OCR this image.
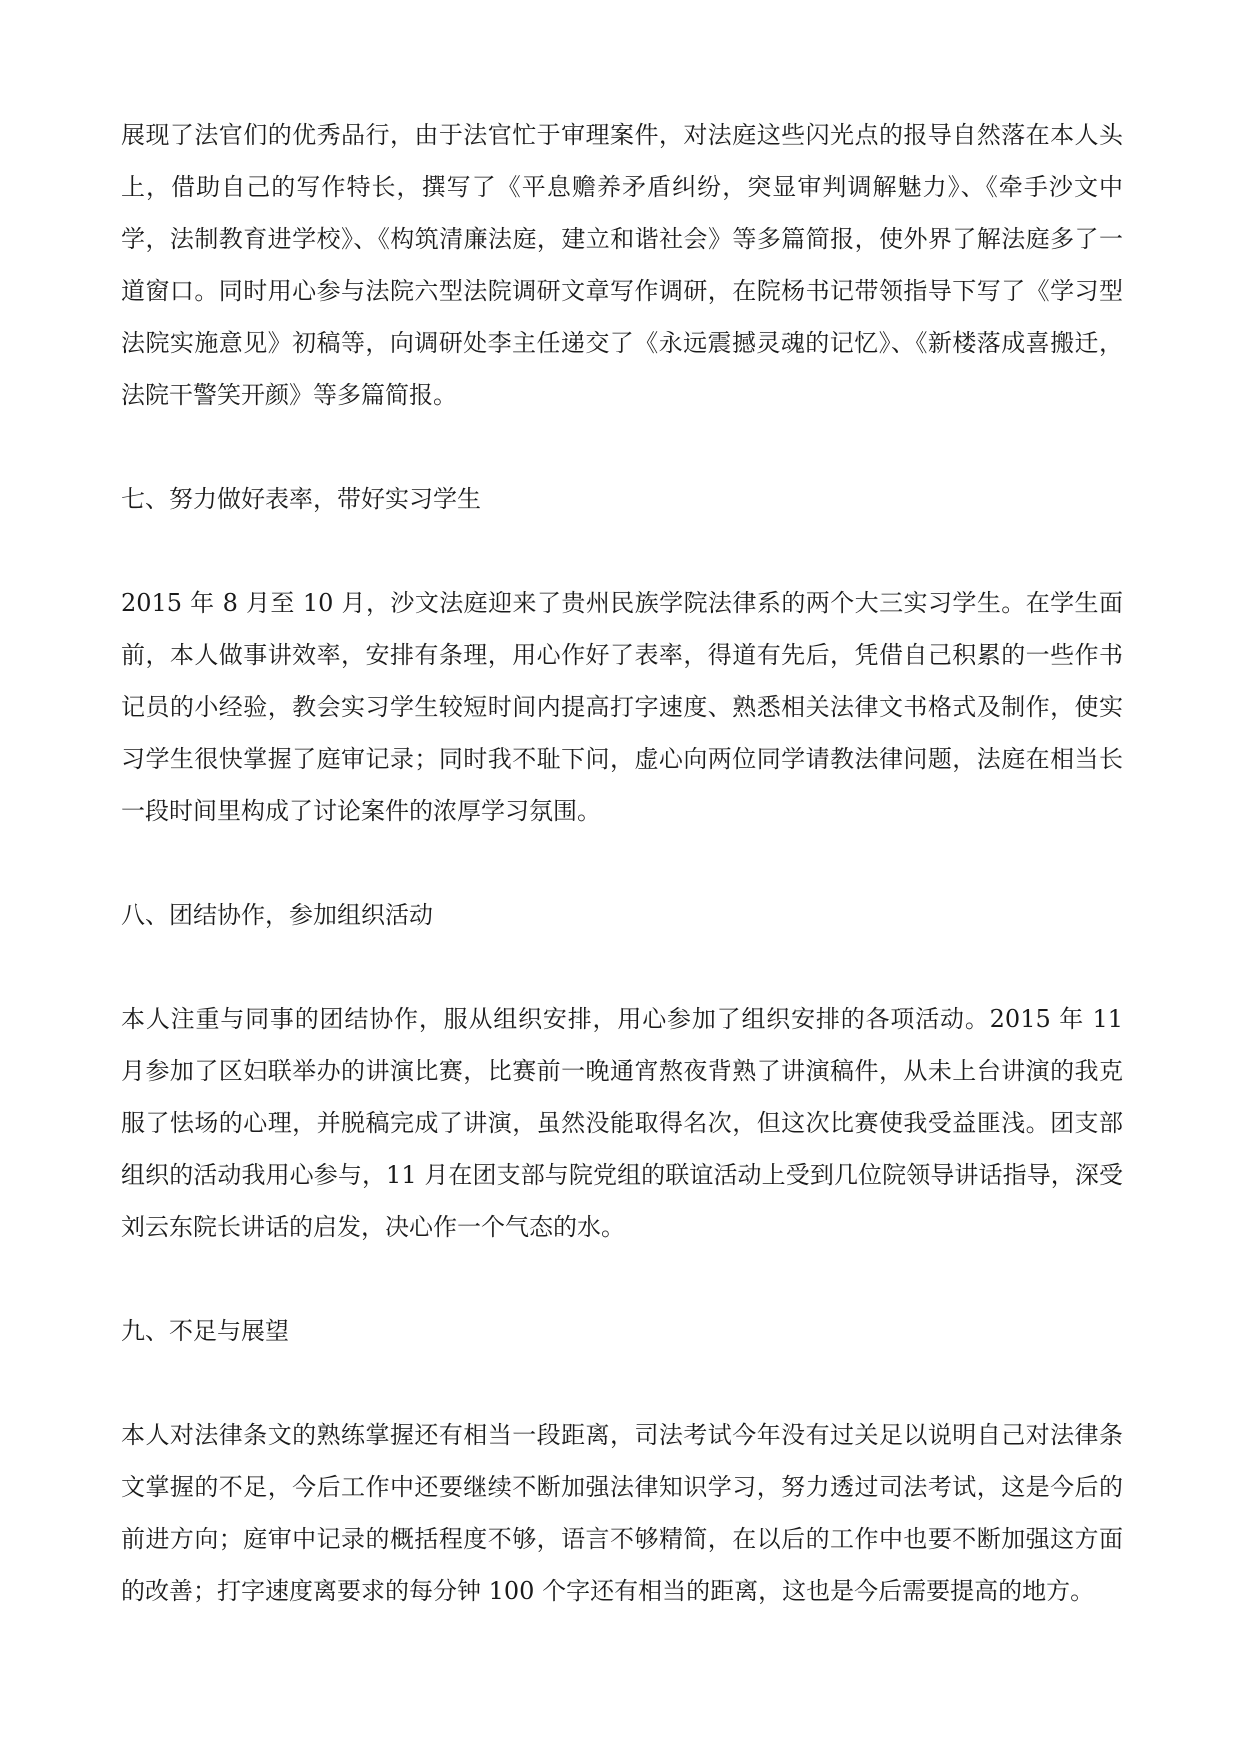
展现了法官们的优秀品行，由于法官忙于审理案件，对法庭这些闪光点的报导自然落在本人头上，借助自己的写作特长，撰写了《平息赡养矛盾纠纷，突显审判调解魅力》、《牵手沙文中学，法制教育进学校》、《构筑清廉法庭，建立和谐社会》等多篇简报，使外界了解法庭多了一道窗口。同时用心参与法院六型法院调研文章写作调研，在院杨书记带领指导下写了《学习型法院实施意见》初稿等，向调研处李主任递交了《永远震撼灵魂的记忆》、《新楼落成喜搬迁，法院干警笑开颜》等多篇简报。

七、努力做好表率，带好实习学生

2015 年 8 月至 10 月，沙文法庭迎来了贵州民族学院法律系的两个大三实习学生。在学生面前，本人做事讲效率，安排有条理，用心作好了表率，得道有先后，凭借自己积累的一些作书记员的小经验，教会实习学生较短时间内提高打字速度、熟悉相关法律文书格式及制作，使实习学生很快掌握了庭审记录；同时我不耻下问，虚心向两位同学请教法律问题，法庭在相当长一段时间里构成了讨论案件的浓厚学习氛围。

八、团结协作，参加组织活动

本人注重与同事的团结协作，服从组织安排，用心参加了组织安排的各项活动。2015 年 11 月参加了区妇联举办的讲演比赛，比赛前一晚通宵熬夜背熟了讲演稿件，从未上台讲演的我克服了怯场的心理，并脱稿完成了讲演，虽然没能取得名次，但这次比赛使我受益匪浅。团支部组织的活动我用心参与，11 月在团支部与院党组的联谊活动上受到几位院领导讲话指导，深受刘云东院长讲话的启发，决心作一个气态的水。

九、不足与展望

本人对法律条文的熟练掌握还有相当一段距离，司法考试今年没有过关足以说明自己对法律条文掌握的不足，今后工作中还要继续不断加强法律知识学习，努力透过司法考试，这是今后的前进方向；庭审中记录的概括程度不够，语言不够精简，在以后的工作中也要不断加强这方面的改善；打字速度离要求的每分钟 100 个字还有相当的距离，这也是今后需要提高的地方。
